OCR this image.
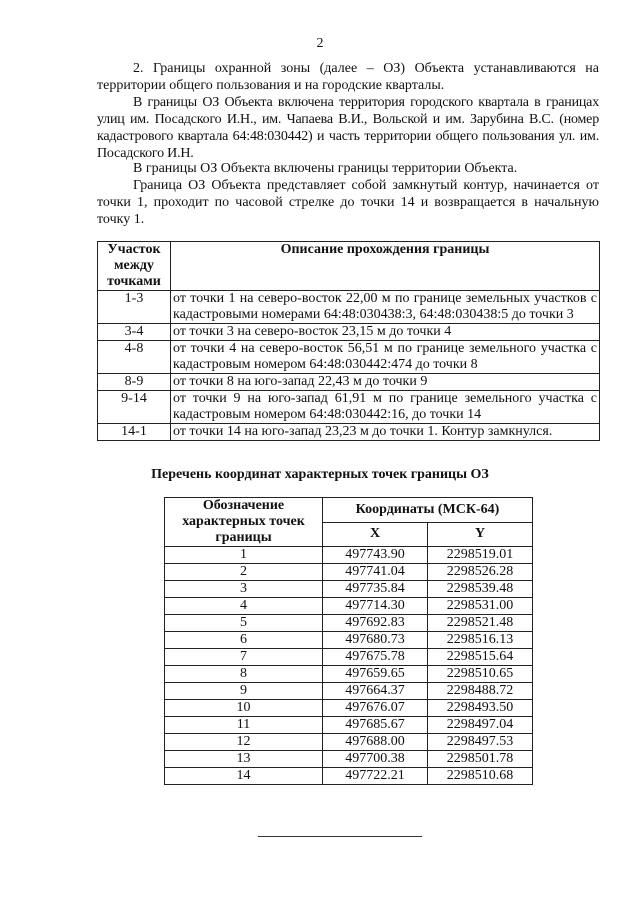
2

2. Границы охранной зоны (далее – ОЗ) Объекта устанавливаются на территории общего пользования и на городские кварталы.

В границы ОЗ Объекта включена территория городского квартала в границах улиц им. Посадского И.Н., им. Чапаева В.И., Вольской и им. Зарубина В.С. (номер кадастрового квартала 64:48:030442) и часть территории общего пользования ул. им. Посадского И.Н.

В границы ОЗ Объекта включены границы территории Объекта.

Граница ОЗ Объекта представляет собой замкнутый контур, начинается от точки 1, проходит по часовой стрелке до точки 14 и возвращается в начальную точку 1.

Участок между точками	Описание прохождения границы
1-3	от точки 1 на северо-восток 22,00 м по границе земельных участков с кадастровыми номерами 64:48:030438:3, 64:48:030438:5 до точки 3
3-4	от точки 3 на северо-восток 23,15 м до точки 4
4-8	от точки 4 на северо-восток 56,51 м по границе земельного участка с кадастровым номером 64:48:030442:474 до точки 8
8-9	от точки 8 на юго-запад 22,43 м до точки 9
9-14	от точки 9 на юго-запад 61,91 м по границе земельного участка с кадастровым номером 64:48:030442:16, до точки 14
14-1	от точки 14 на юго-запад 23,23 м до точки 1. Контур замкнулся.
Перечень координат характерных точек границы ОЗ
Обозначение характерных точек границы	Координаты (МСК-64)	
	X	Y
1	497743.90	2298519.01
2	497741.04	2298526.28
3	497735.84	2298539.48
4	497714.30	2298531.00
5	497692.83	2298521.48
6	497680.73	2298516.13
7	497675.78	2298515.64
8	497659.65	2298510.65
9	497664.37	2298488.72
10	497676.07	2298493.50
11	497685.67	2298497.04
12	497688.00	2298497.53
13	497700.38	2298501.78
14	497722.21	2298510.68
